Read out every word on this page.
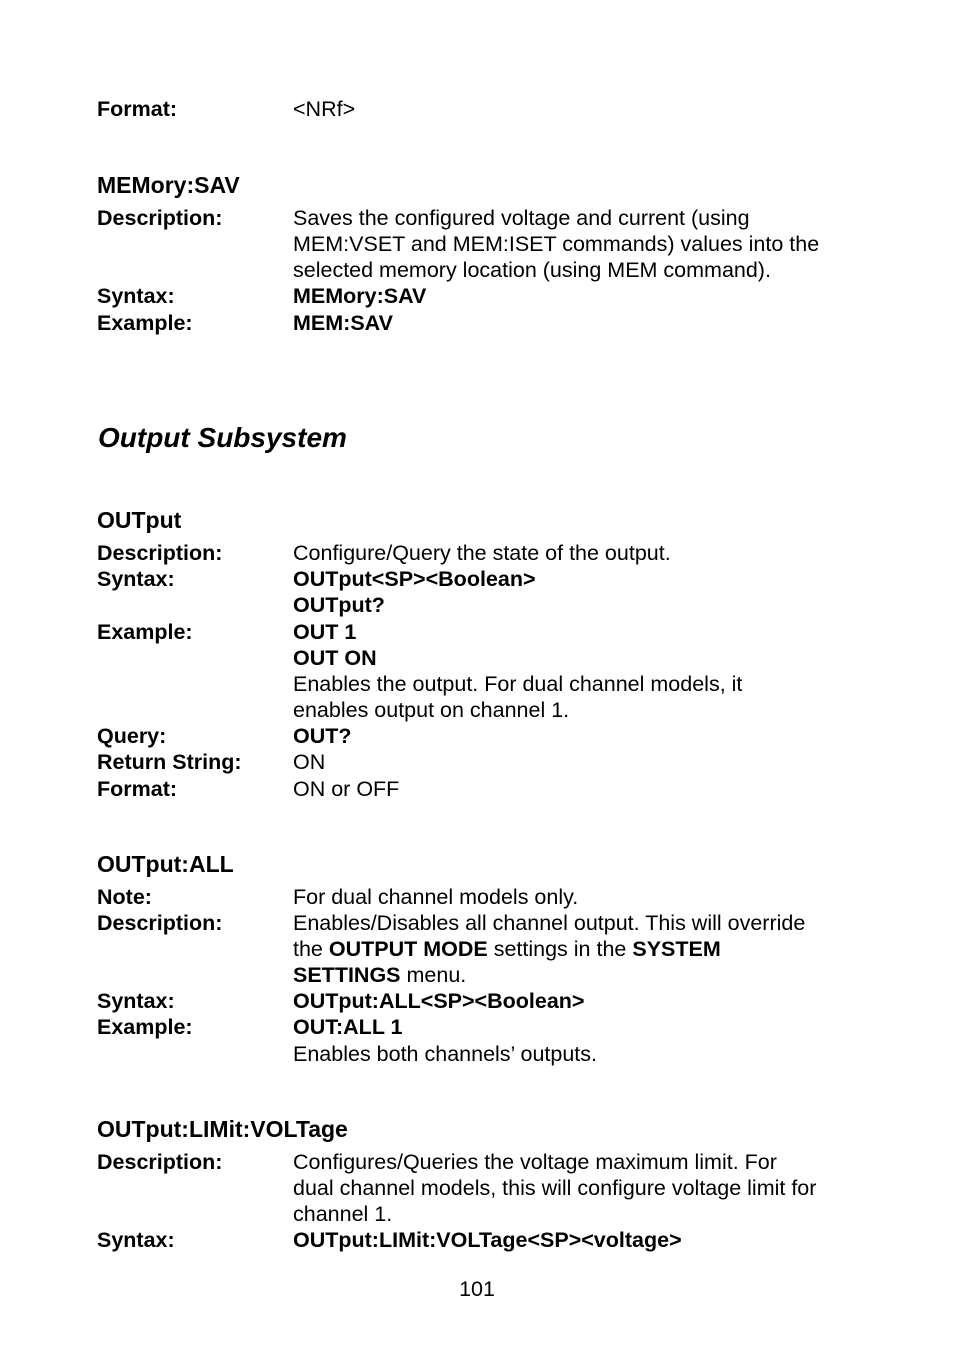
Format:	<NRf>
MEMory:SAV
Description:	Saves the configured voltage and current (using
MEM:VSET and MEM:ISET commands) values into the
selected memory location (using MEM command).
Syntax:	MEMory:SAV
Example:	MEM:SAV
Output Subsystem
OUTput
Description:	Configure/Query the state of the output.
Syntax:	OUTput<SP><Boolean>
OUTput?
Example:	OUT 1
OUT ON
Enables the output. For dual channel models, it
enables output on channel 1.
Query:	OUT?
Return String: ON
Format:	ON or OFF
OUTput:ALL
Note:	For dual channel models only.
Description:	Enables/Disables all channel output. This will override
the OUTPUT MODE settings in the SYSTEM
SETTINGS menu.
Syntax:	OUTput:ALL<SP><Boolean>
Example:	OUT:ALL 1
Enables both channels’ outputs.
OUTput:LIMit:VOLTage
Description:	Configures/Queries the voltage maximum limit. For
dual channel models, this will configure voltage limit for
channel 1.
Syntax:	OUTput:LIMit:VOLTage<SP><voltage>
101
